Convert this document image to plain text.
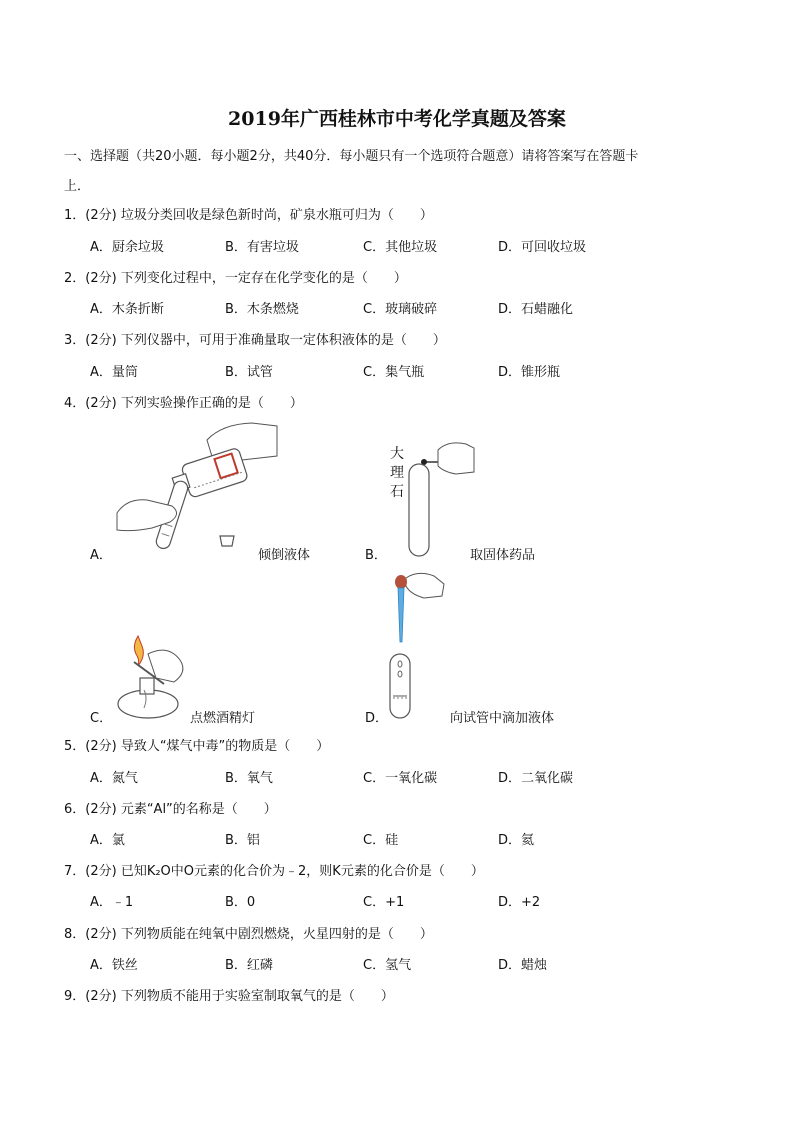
2019年广西桂林市中考化学真题及答案
一、选择题（共20小题．每小题2分，共40分．每小题只有一个选项符合题意）请将答案写在答题卡
上．
1．(2分) 垃圾分类回收是绿色新时尚，矿泉水瓶可归为（　　）
A．厨余垃圾	B．有害垃圾	C．其他垃圾	D．可回收垃圾
2．(2分) 下列变化过程中，一定存在化学变化的是（　　）
A．木条折断	B．木条燃烧	C．玻璃破碎	D．石蜡融化
3．(2分) 下列仪器中，可用于准确量取一定体积液体的是（　　）
A．量筒	B．试管	C．集气瓶	D．锥形瓶
4．(2分) 下列实验操作正确的是（　　）
A．	倾倒液体
大
理
石
B．	取固体药品
C．	点燃酒精灯	D．	向试管中滴加液体
5．(2分) 导致人“煤气中毒”的物质是（　　）
A．氮气	B．氧气	C．一氧化碳	D．二氧化碳
6．(2分) 元素“Al”的名称是（　　）
A．氯	B．铝	C．硅	D．氦
7．(2分) 已知K₂O中O元素的化合价为﹣2，则K元素的化合价是（　　）
A．﹣1	B．0	C．+1	D．+2
8．(2分) 下列物质能在纯氧中剧烈燃烧，火星四射的是（　　）
A．铁丝	B．红磷	C．氢气	D．蜡烛
9．(2分) 下列物质不能用于实验室制取氧气的是（　　）
